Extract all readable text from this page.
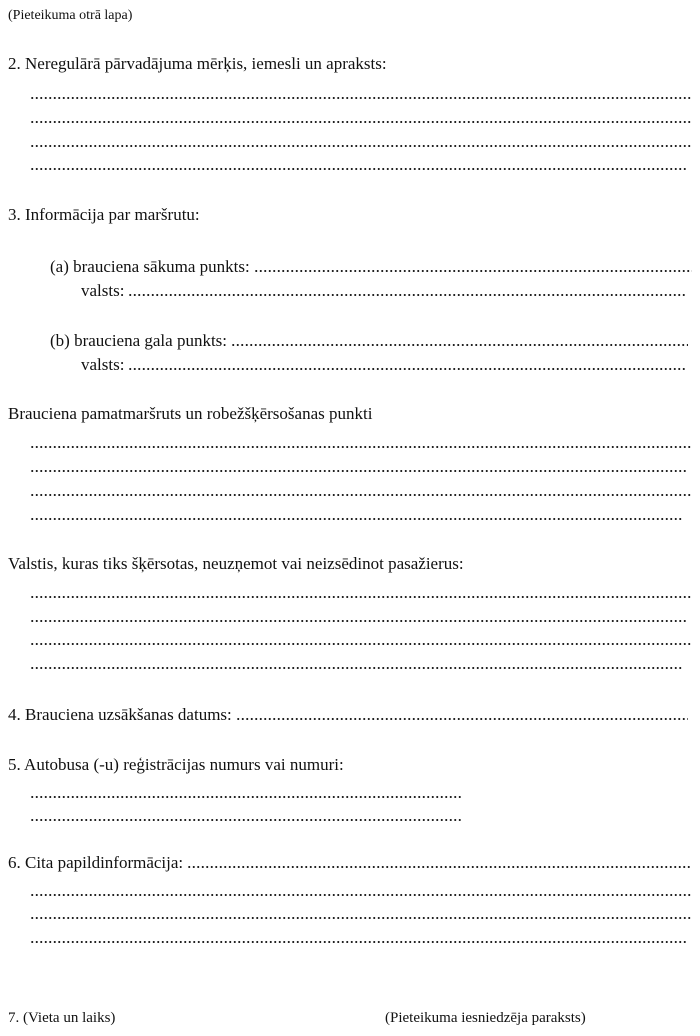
(Pieteikuma otrā lapa)
2. Neregulārā pārvadājuma mērķis, iemesli un apraksts:
3. Informācija par maršrutu:
(a) brauciena sākuma punkts:
valsts:
(b) brauciena gala punkts:
valsts:
Brauciena pamatmaršruts un robežšķērsošanas punkti
Valstis, kuras tiks šķērsotas, neuzņemot vai neizsēdinot pasažierus:
4. Brauciena uzsākšanas datums:
5. Autobusa (-u) reģistrācijas numurs vai numuri:
6. Cita papildinformācija:
7. (Vieta un laiks)	(Pieteikuma iesniedzēja paraksts)
